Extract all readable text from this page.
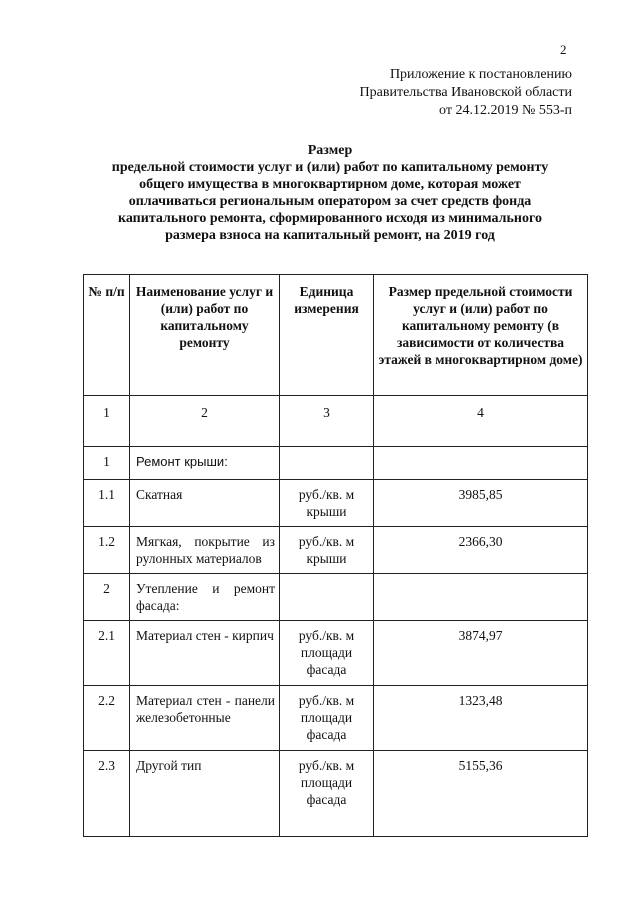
2
Приложение к постановлению
Правительства Ивановской области
от 24.12.2019 № 553-п
Размер
предельной стоимости услуг и (или) работ по капитальному ремонту
общего имущества в многоквартирном доме, которая может
оплачиваться региональным оператором за счет средств фонда
капитального ремонта, сформированного исходя из минимального
размера взноса на капитальный ремонт, на 2019 год
№ п/п	Наименование услуг и (или) работ по капитальному ремонту	Единица измерения	Размер предельной стоимости услуг и (или) работ по капитальному ремонту (в зависимости от количества этажей в многоквартирном доме)
1	2	3	4
1	Ремонт крыши:		
1.1	Скатная	руб./кв. м крыши	3985,85
1.2	Мягкая, покрытие из рулонных материалов	руб./кв. м крыши	2366,30
2	Утепление и ремонт фасада:		
2.1	Материал стен - кирпич	руб./кв. м площади фасада	3874,97
2.2	Материал стен - панели железобетонные	руб./кв. м площади фасада	1323,48
2.3	Другой тип	руб./кв. м площади фасада	5155,36
